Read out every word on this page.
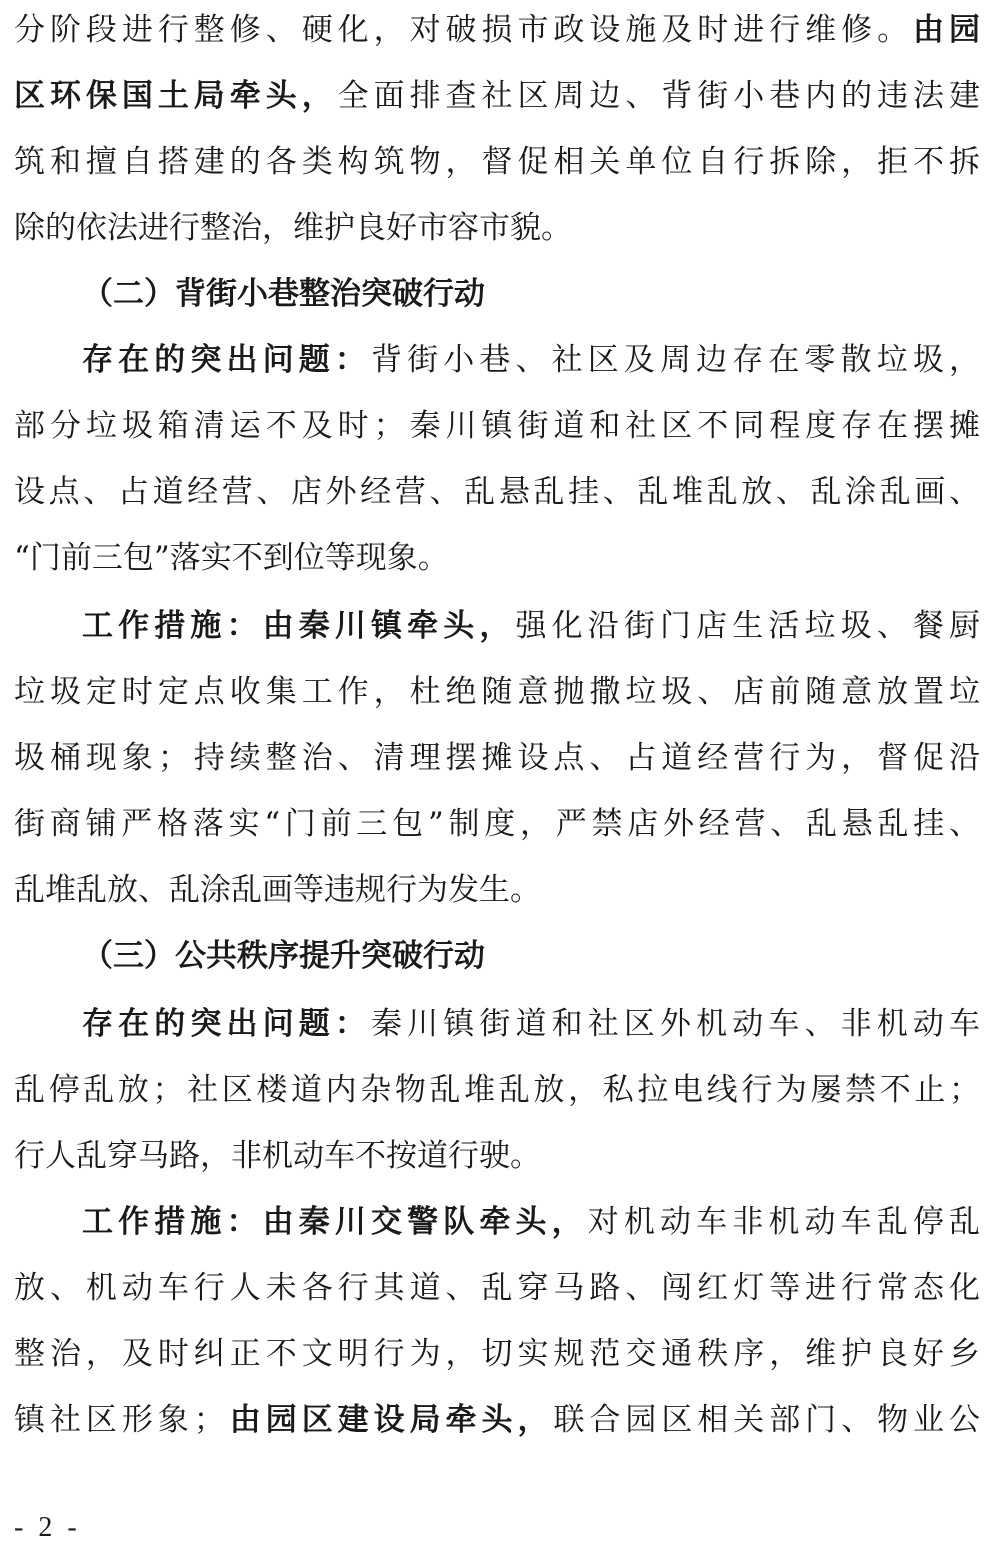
分阶段进行整修、硬化，对破损市政设施及时进行维修。由园
区环保国土局牵头，全面排查社区周边、背街小巷内的违法建
筑和擅自搭建的各类构筑物，督促相关单位自行拆除，拒不拆
除的依法进行整治，维护良好市容市貌。
（二）背街小巷整治突破行动
存在的突出问题：背街小巷、社区及周边存在零散垃圾，
部分垃圾箱清运不及时；秦川镇街道和社区不同程度存在摆摊
设点、占道经营、店外经营、乱悬乱挂、乱堆乱放、乱涂乱画、
“门前三包”落实不到位等现象。
工作措施：由秦川镇牵头，强化沿街门店生活垃圾、餐厨
垃圾定时定点收集工作，杜绝随意抛撒垃圾、店前随意放置垃
圾桶现象；持续整治、清理摆摊设点、占道经营行为，督促沿
街商铺严格落实“门前三包”制度，严禁店外经营、乱悬乱挂、
乱堆乱放、乱涂乱画等违规行为发生。
（三）公共秩序提升突破行动
存在的突出问题：秦川镇街道和社区外机动车、非机动车
乱停乱放；社区楼道内杂物乱堆乱放，私拉电线行为屡禁不止；
行人乱穿马路，非机动车不按道行驶。
工作措施：由秦川交警队牵头，对机动车非机动车乱停乱
放、机动车行人未各行其道、乱穿马路、闯红灯等进行常态化
整治，及时纠正不文明行为，切实规范交通秩序，维护良好乡
镇社区形象；由园区建设局牵头，联合园区相关部门、物业公
- 2 -
